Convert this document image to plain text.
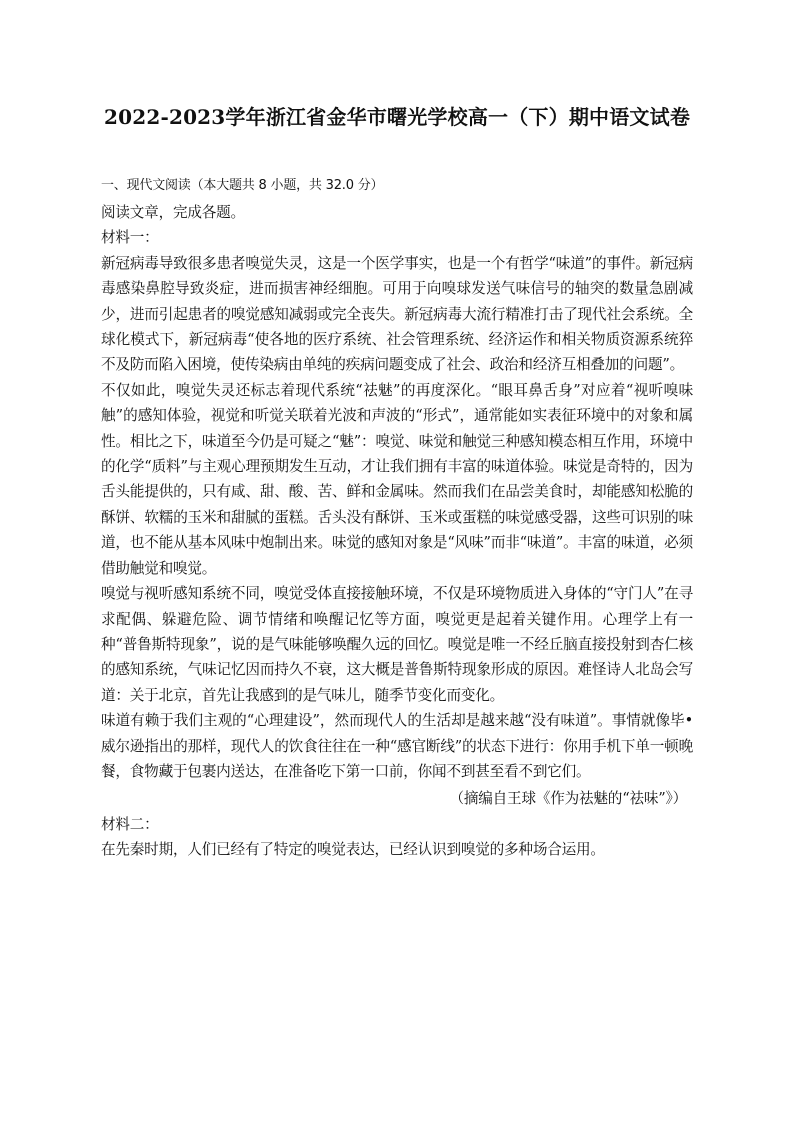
2022-2023学年浙江省金华市曙光学校高一（下）期中语文试卷

一、现代文阅读（本大题共 8 小题，共 32.0 分）

阅读文章，完成各题。

材料一：

新冠病毒导致很多患者嗅觉失灵，这是一个医学事实，也是一个有哲学“味道”的事件。新冠病毒感染鼻腔导致炎症，进而损害神经细胞。可用于向嗅球发送气味信号的轴突的数量急剧减少，进而引起患者的嗅觉感知减弱或完全丧失。新冠病毒大流行精准打击了现代社会系统。全球化模式下，新冠病毒“使各地的医疗系统、社会管理系统、经济运作和相关物质资源系统猝不及防而陷入困境，使传染病由单纯的疾病问题变成了社会、政治和经济互相叠加的问题”。

不仅如此，嗅觉失灵还标志着现代系统“祛魅”的再度深化。“眼耳鼻舌身”对应着“视听嗅味触”的感知体验，视觉和听觉关联着光波和声波的“形式”，通常能如实表征环境中的对象和属性。相比之下，味道至今仍是可疑之“魅”：嗅觉、味觉和触觉三种感知模态相互作用，环境中的化学“质料”与主观心理预期发生互动，才让我们拥有丰富的味道体验。味觉是奇特的，因为舌头能提供的，只有咸、甜、酸、苦、鲜和金属味。然而我们在品尝美食时，却能感知松脆的酥饼、软糯的玉米和甜腻的蛋糕。舌头没有酥饼、玉米或蛋糕的味觉感受器，这些可识别的味道，也不能从基本风味中炮制出来。味觉的感知对象是“风味”而非“味道”。丰富的味道，必须借助触觉和嗅觉。

嗅觉与视听感知系统不同，嗅觉受体直接接触环境，不仅是环境物质进入身体的“守门人”在寻求配偶、躲避危险、调节情绪和唤醒记忆等方面，嗅觉更是起着关键作用。心理学上有一种“普鲁斯特现象”，说的是气味能够唤醒久远的回忆。嗅觉是唯一不经丘脑直接投射到杏仁核的感知系统，气味记忆因而持久不衰，这大概是普鲁斯特现象形成的原因。难怪诗人北岛会写道：关于北京，首先让我感到的是气味儿，随季节变化而变化。

味道有赖于我们主观的“心理建设”，然而现代人的生活却是越来越“没有味道”。事情就像毕•威尔逊指出的那样，现代人的饮食往往在一种“感官断线”的状态下进行：你用手机下单一顿晚餐，食物藏于包裹内送达，在准备吃下第一口前，你闻不到甚至看不到它们。

（摘编自王球《作为祛魅的“祛味”》）

材料二：

在先秦时期，人们已经有了特定的嗅觉表达，已经认识到嗅觉的多种场合运用。
